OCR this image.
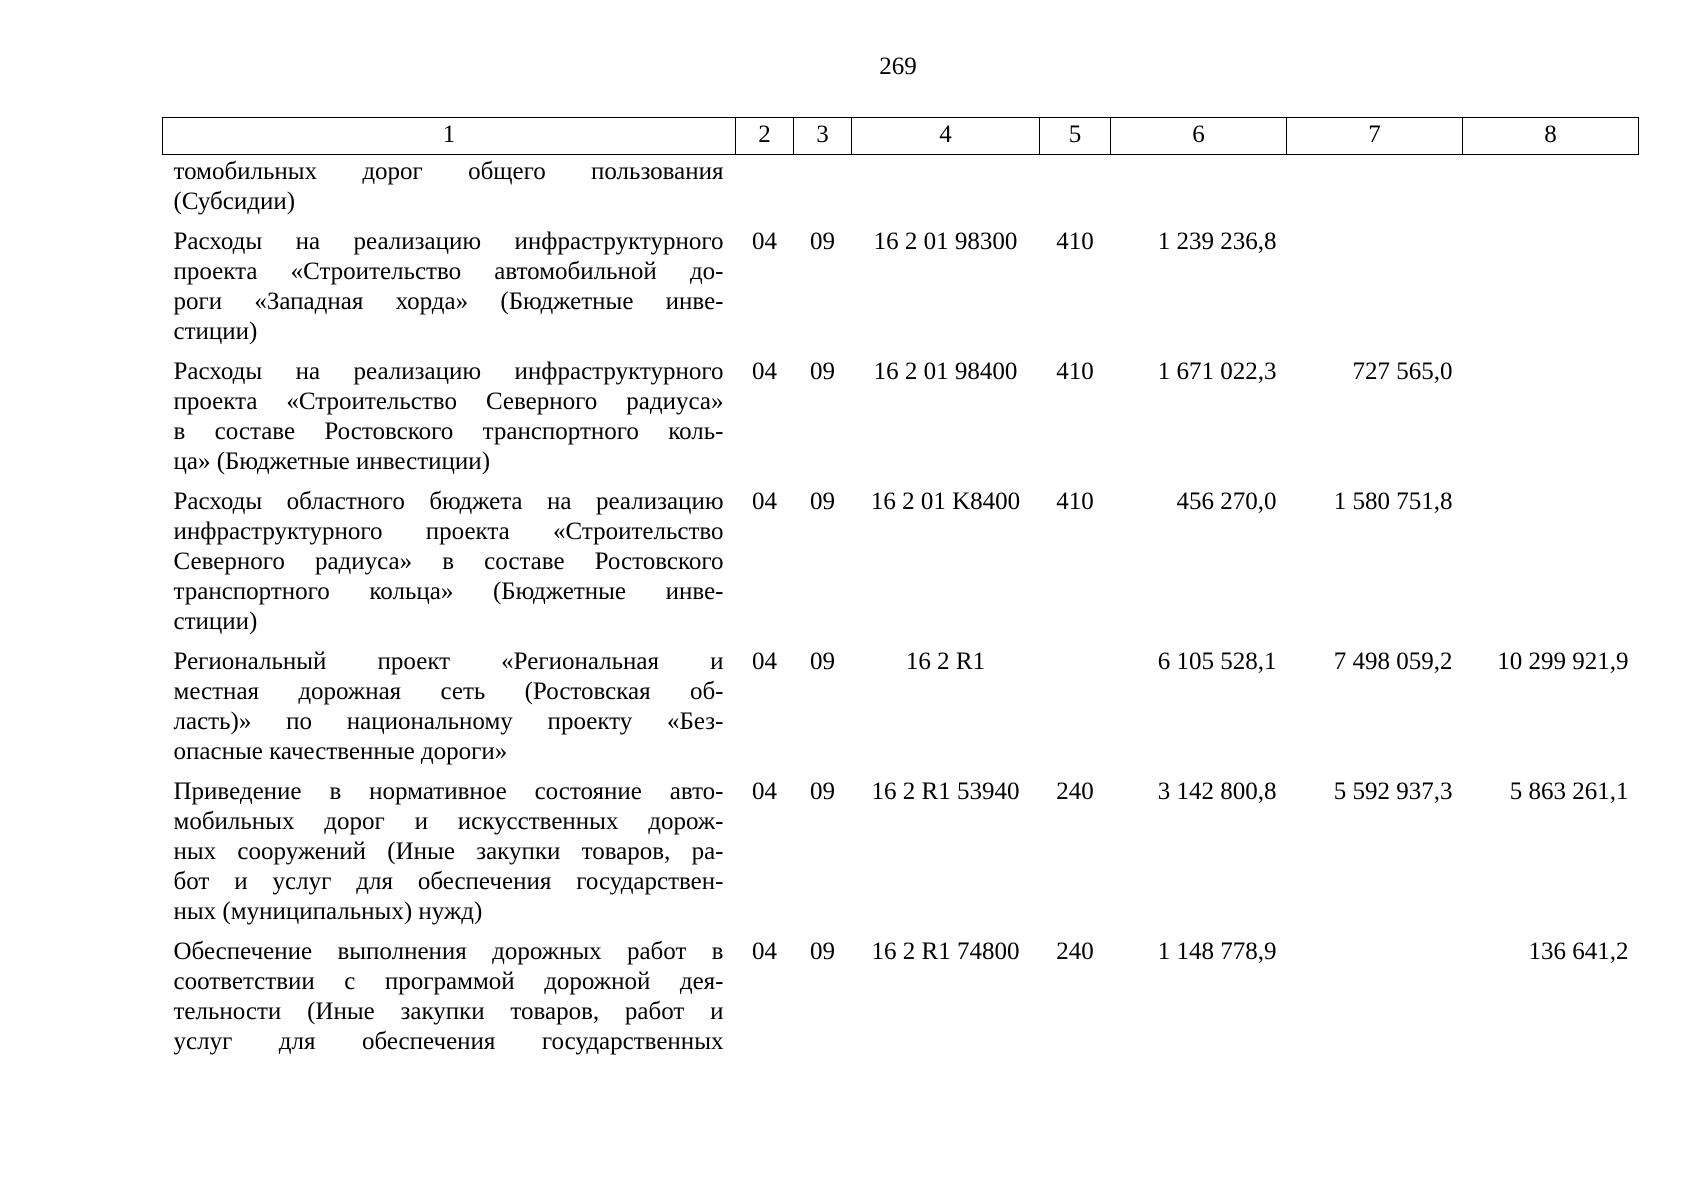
269
1	2	3	4	5	6	7	8

томобильных дорог общего пользования
(Субсидии)							

Расходы на реализацию инфраструктурного
проекта «Строительство автомобильной до-
роги «Западная хорда» (Бюджетные инве-
стиции)	04	09	16 2 01 98300	410	1 239 236,8		

Расходы на реализацию инфраструктурного
проекта «Строительство Северного радиуса»
в составе Ростовского транспортного коль-
ца» (Бюджетные инвестиции)	04	09	16 2 01 98400	410	1 671 022,3	727 565,0	

Расходы областного бюджета на реализацию
инфраструктурного проекта «Строительство
Северного радиуса» в составе Ростовского
транспортного кольца» (Бюджетные инве-
стиции)	04	09	16 2 01 K8400	410	456 270,0	1 580 751,8	

Региональный проект «Региональная и
местная дорожная сеть (Ростовская об-
ласть)» по национальному проекту «Без-
опасные качественные дороги»	04	09	16 2 R1		6 105 528,1	7 498 059,2	10 299 921,9

Приведение в нормативное состояние авто-
мобильных дорог и искусственных дорож-
ных сооружений (Иные закупки товаров, ра-
бот и услуг для обеспечения государствен-
ных (муниципальных) нужд)	04	09	16 2 R1 53940	240	3 142 800,8	5 592 937,3	5 863 261,1

Обеспечение выполнения дорожных работ в
соответствии с программой дорожной дея-
тельности (Иные закупки товаров, работ и
услуг для обеспечения государственных	04	09	16 2 R1 74800	240	1 148 778,9		136 641,2
